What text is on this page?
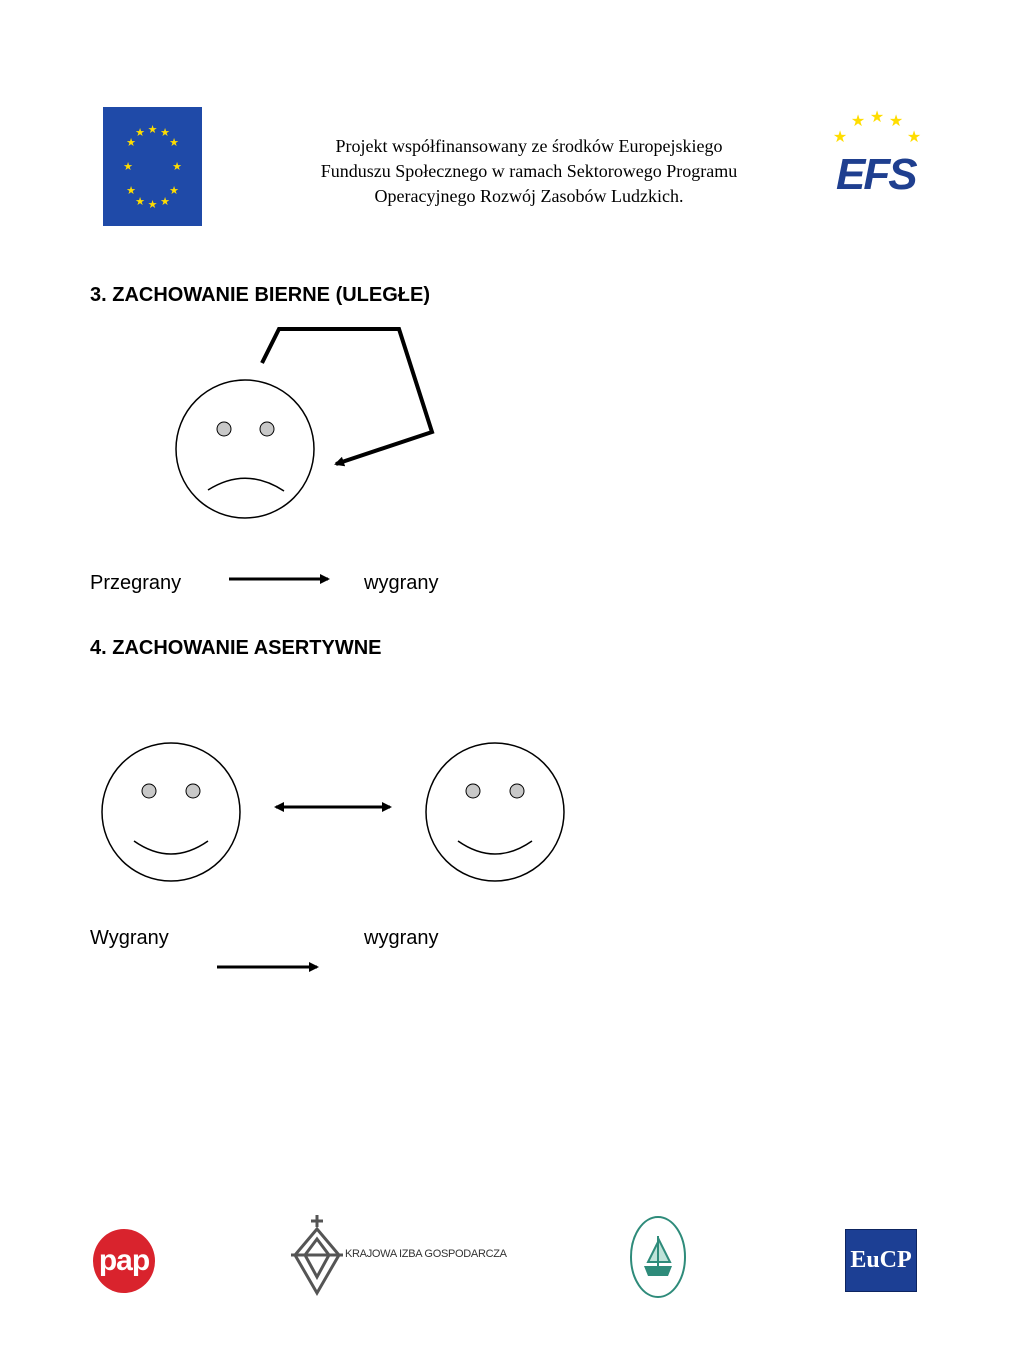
★ ★
★
★
★
★
★
★
★
★
★
★
Projekt współfinansowany ze środków Europejskiego
Funduszu Społecznego w ramach Sektorowego Programu
Operacyjnego Rozwój Zasobów Ludzkich.
★
★ ★ ★
★
EFS
3. ZACHOWANIE BIERNE (ULEGŁE)
Przegrany	wygrany
4. ZACHOWANIE ASERTYWNE
Wygrany	wygrany
pap	KRAJOWA IZBA GOSPODARCZA	EuCP
